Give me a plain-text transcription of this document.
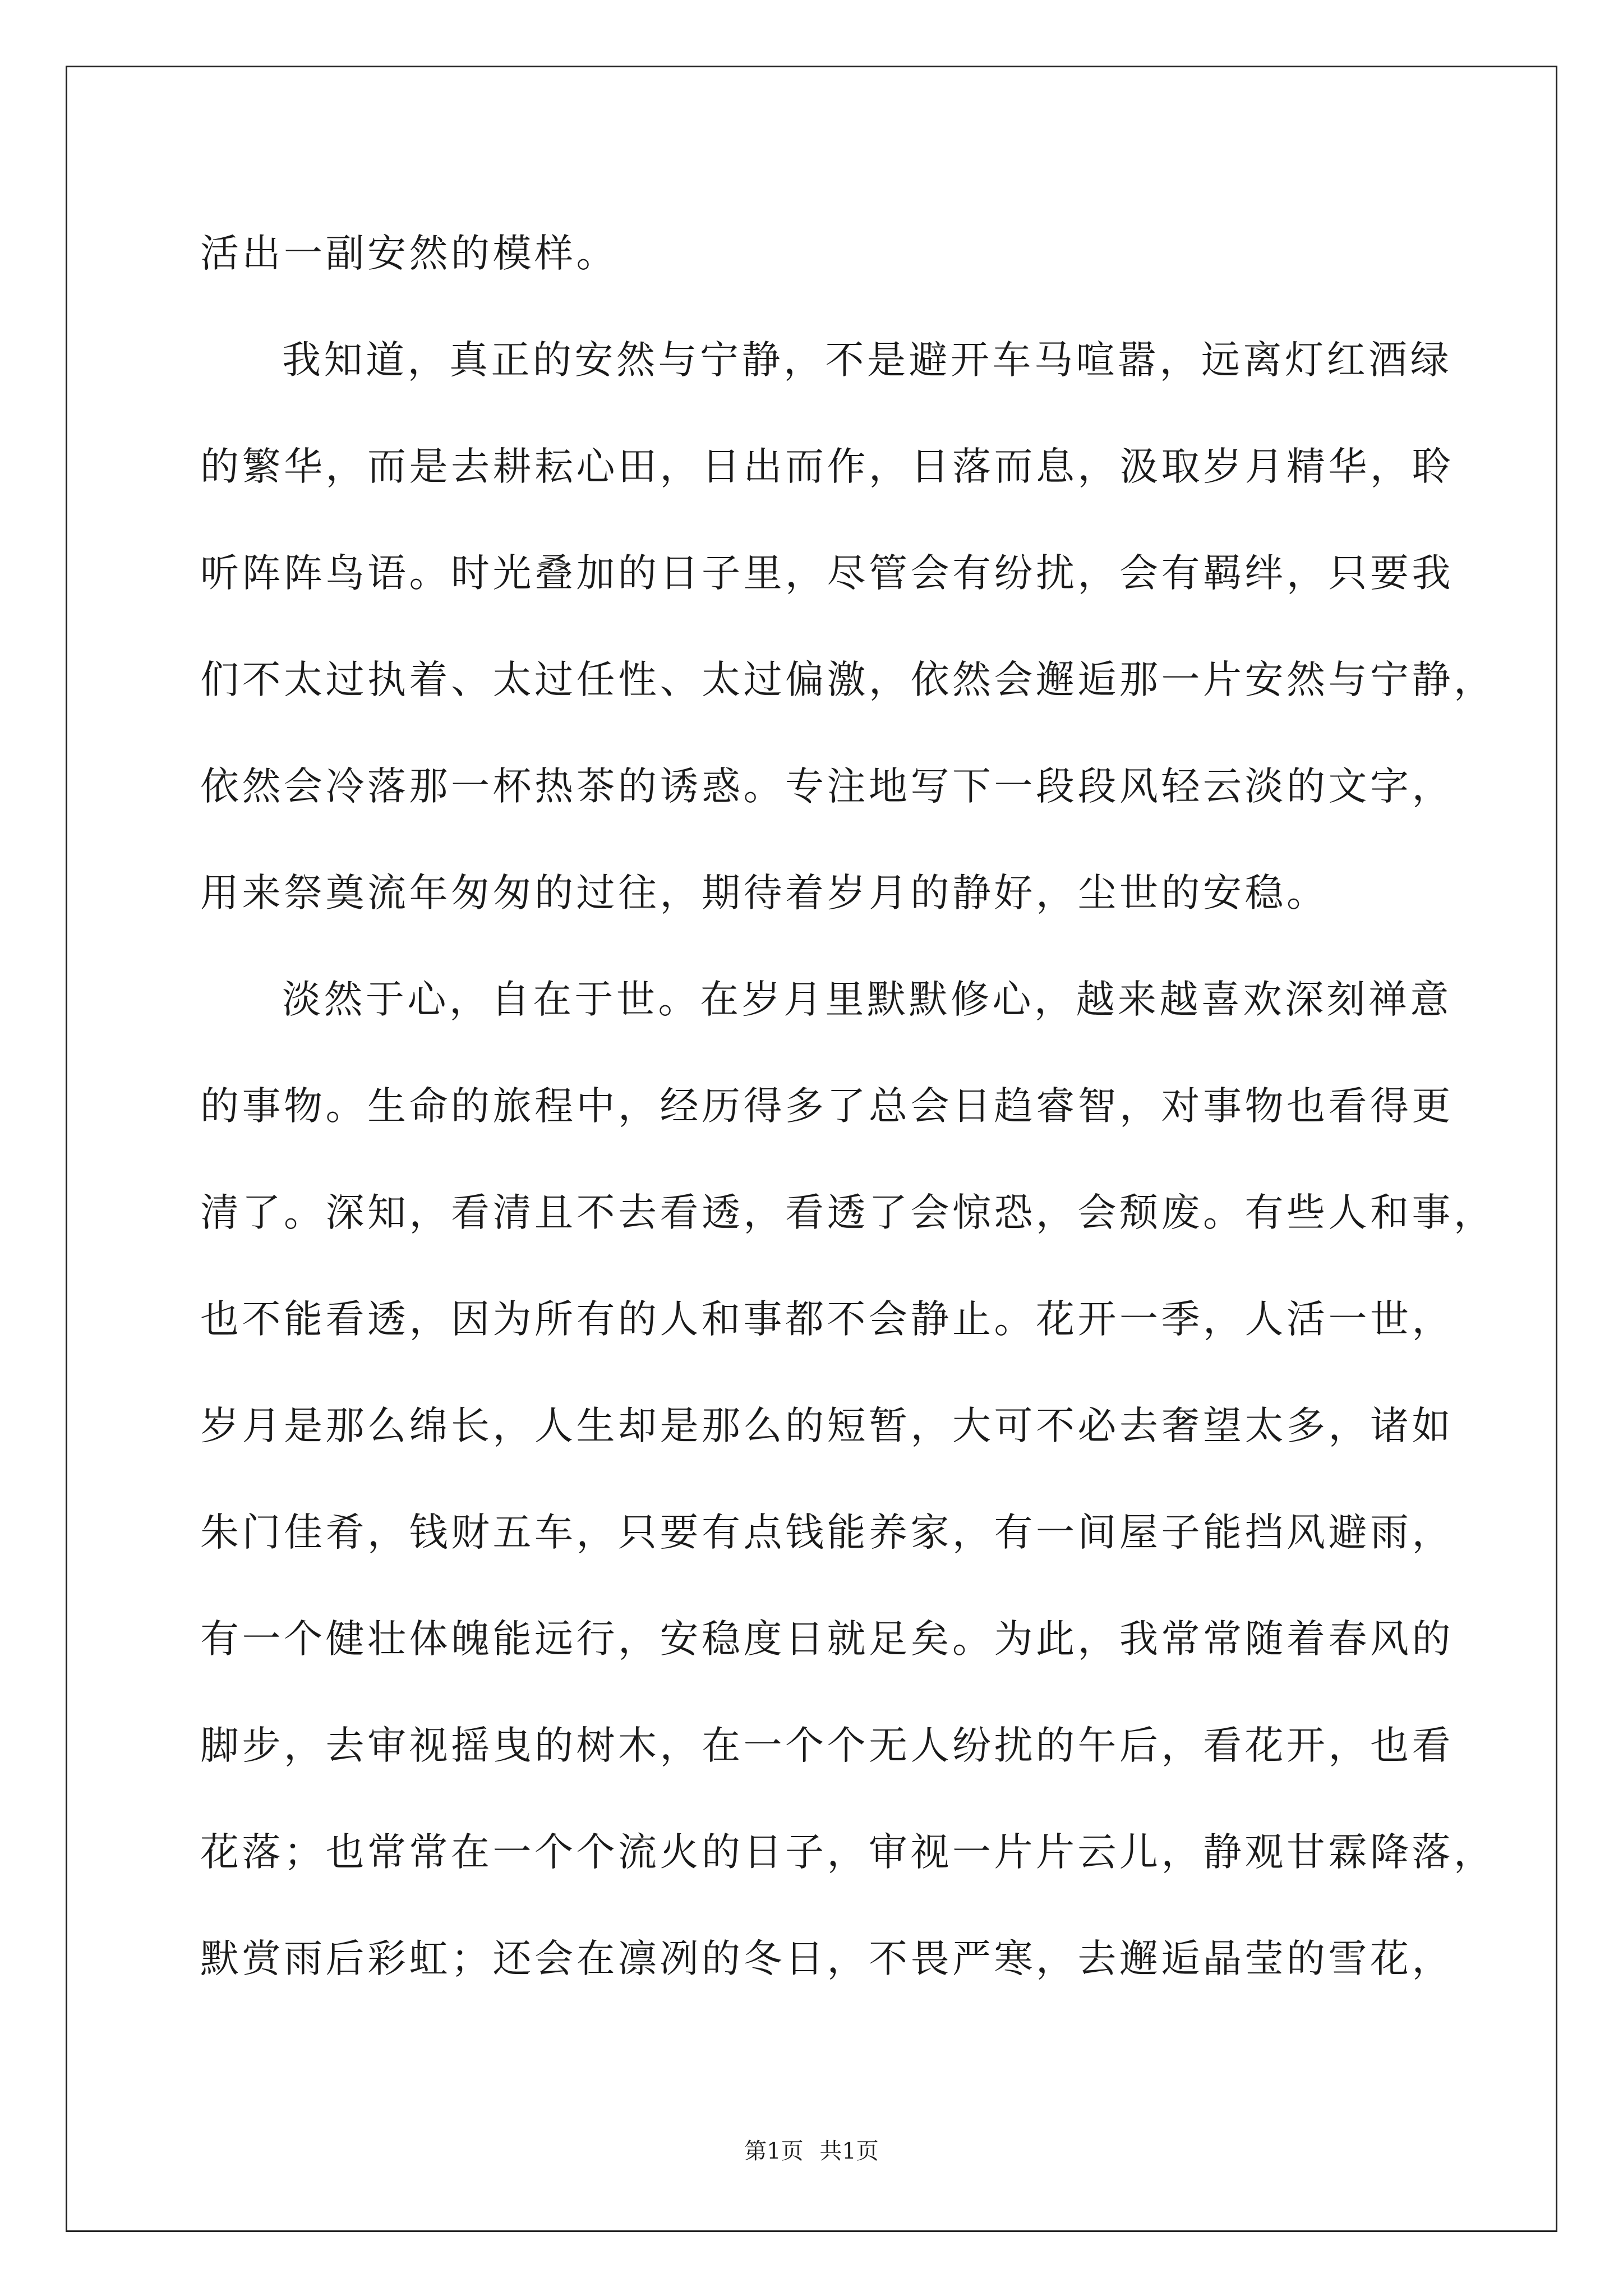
活出一副安然的模样。
我知道，真正的安然与宁静，不是避开车马喧嚣，远离灯红酒绿
的繁华，而是去耕耘心田，日出而作，日落而息，汲取岁月精华，聆
听阵阵鸟语。时光叠加的日子里，尽管会有纷扰，会有羁绊，只要我
们不太过执着、太过任性、太过偏激，依然会邂逅那一片安然与宁静，
依然会冷落那一杯热茶的诱惑。专注地写下一段段风轻云淡的文字，
用来祭奠流年匆匆的过往，期待着岁月的静好，尘世的安稳。
淡然于心，自在于世。在岁月里默默修心，越来越喜欢深刻禅意
的事物。生命的旅程中，经历得多了总会日趋睿智，对事物也看得更
清了。深知，看清且不去看透，看透了会惊恐，会颓废。有些人和事，
也不能看透，因为所有的人和事都不会静止。花开一季，人活一世，
岁月是那么绵长，人生却是那么的短暂，大可不必去奢望太多，诸如
朱门佳肴，钱财五车，只要有点钱能养家，有一间屋子能挡风避雨，
有一个健壮体魄能远行，安稳度日就足矣。为此，我常常随着春风的
脚步，去审视摇曳的树木，在一个个无人纷扰的午后，看花开，也看
花落；也常常在一个个流火的日子，审视一片片云儿，静观甘霖降落，
默赏雨后彩虹；还会在凛冽的冬日，不畏严寒，去邂逅晶莹的雪花，
第1页 共1页
